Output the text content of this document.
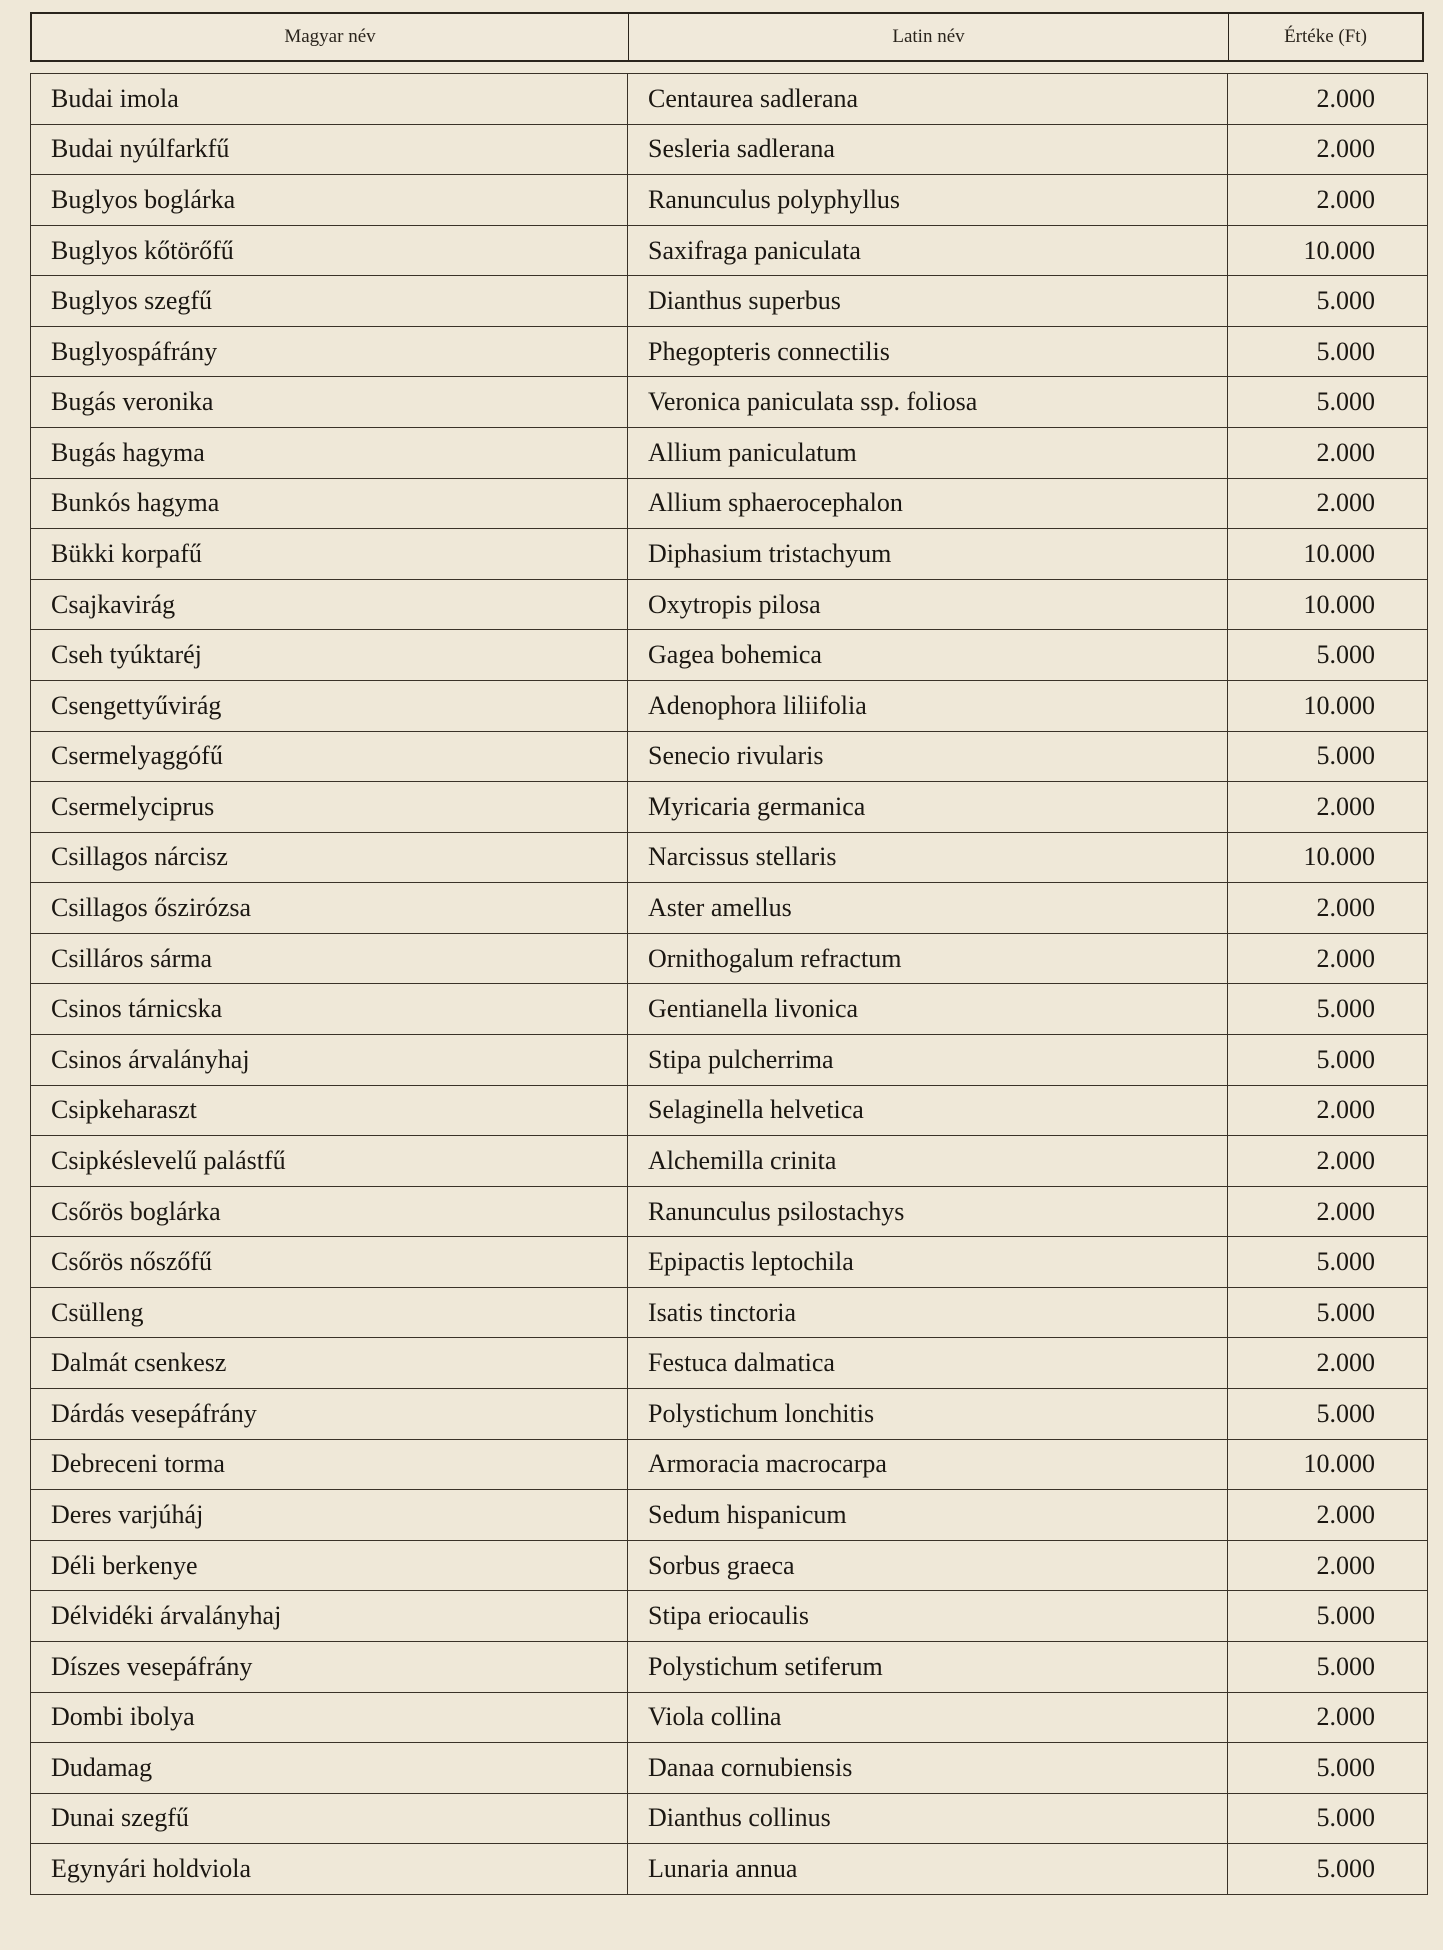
Magyar név	Latin név	Értéke (Ft)
Budai imola	Centaurea sadlerana	2.000
Budai nyúlfarkfű	Sesleria sadlerana	2.000
Buglyos boglárka	Ranunculus polyphyllus	2.000
Buglyos kőtörőfű	Saxifraga paniculata	10.000
Buglyos szegfű	Dianthus superbus	5.000
Buglyospáfrány	Phegopteris connectilis	5.000
Bugás veronika	Veronica paniculata ssp. foliosa	5.000
Bugás hagyma	Allium paniculatum	2.000
Bunkós hagyma	Allium sphaerocephalon	2.000
Bükki korpafű	Diphasium tristachyum	10.000
Csajkavirág	Oxytropis pilosa	10.000
Cseh tyúktaréj	Gagea bohemica	5.000
Csengettyűvirág	Adenophora liliifolia	10.000
Csermelyaggófű	Senecio rivularis	5.000
Csermelyciprus	Myricaria germanica	2.000
Csillagos nárcisz	Narcissus stellaris	10.000
Csillagos őszirózsa	Aster amellus	2.000
Csilláros sárma	Ornithogalum refractum	2.000
Csinos tárnicska	Gentianella livonica	5.000
Csinos árvalányhaj	Stipa pulcherrima	5.000
Csipkeharaszt	Selaginella helvetica	2.000
Csipkéslevelű palástfű	Alchemilla crinita	2.000
Csőrös boglárka	Ranunculus psilostachys	2.000
Csőrös nőszőfű	Epipactis leptochila	5.000
Csülleng	Isatis tinctoria	5.000
Dalmát csenkesz	Festuca dalmatica	2.000
Dárdás vesepáfrány	Polystichum lonchitis	5.000
Debreceni torma	Armoracia macrocarpa	10.000
Deres varjúháj	Sedum hispanicum	2.000
Déli berkenye	Sorbus graeca	2.000
Délvidéki árvalányhaj	Stipa eriocaulis	5.000
Díszes vesepáfrány	Polystichum setiferum	5.000
Dombi ibolya	Viola collina	2.000
Dudamag	Danaa cornubiensis	5.000
Dunai szegfű	Dianthus collinus	5.000
Egynyári holdviola	Lunaria annua	5.000
